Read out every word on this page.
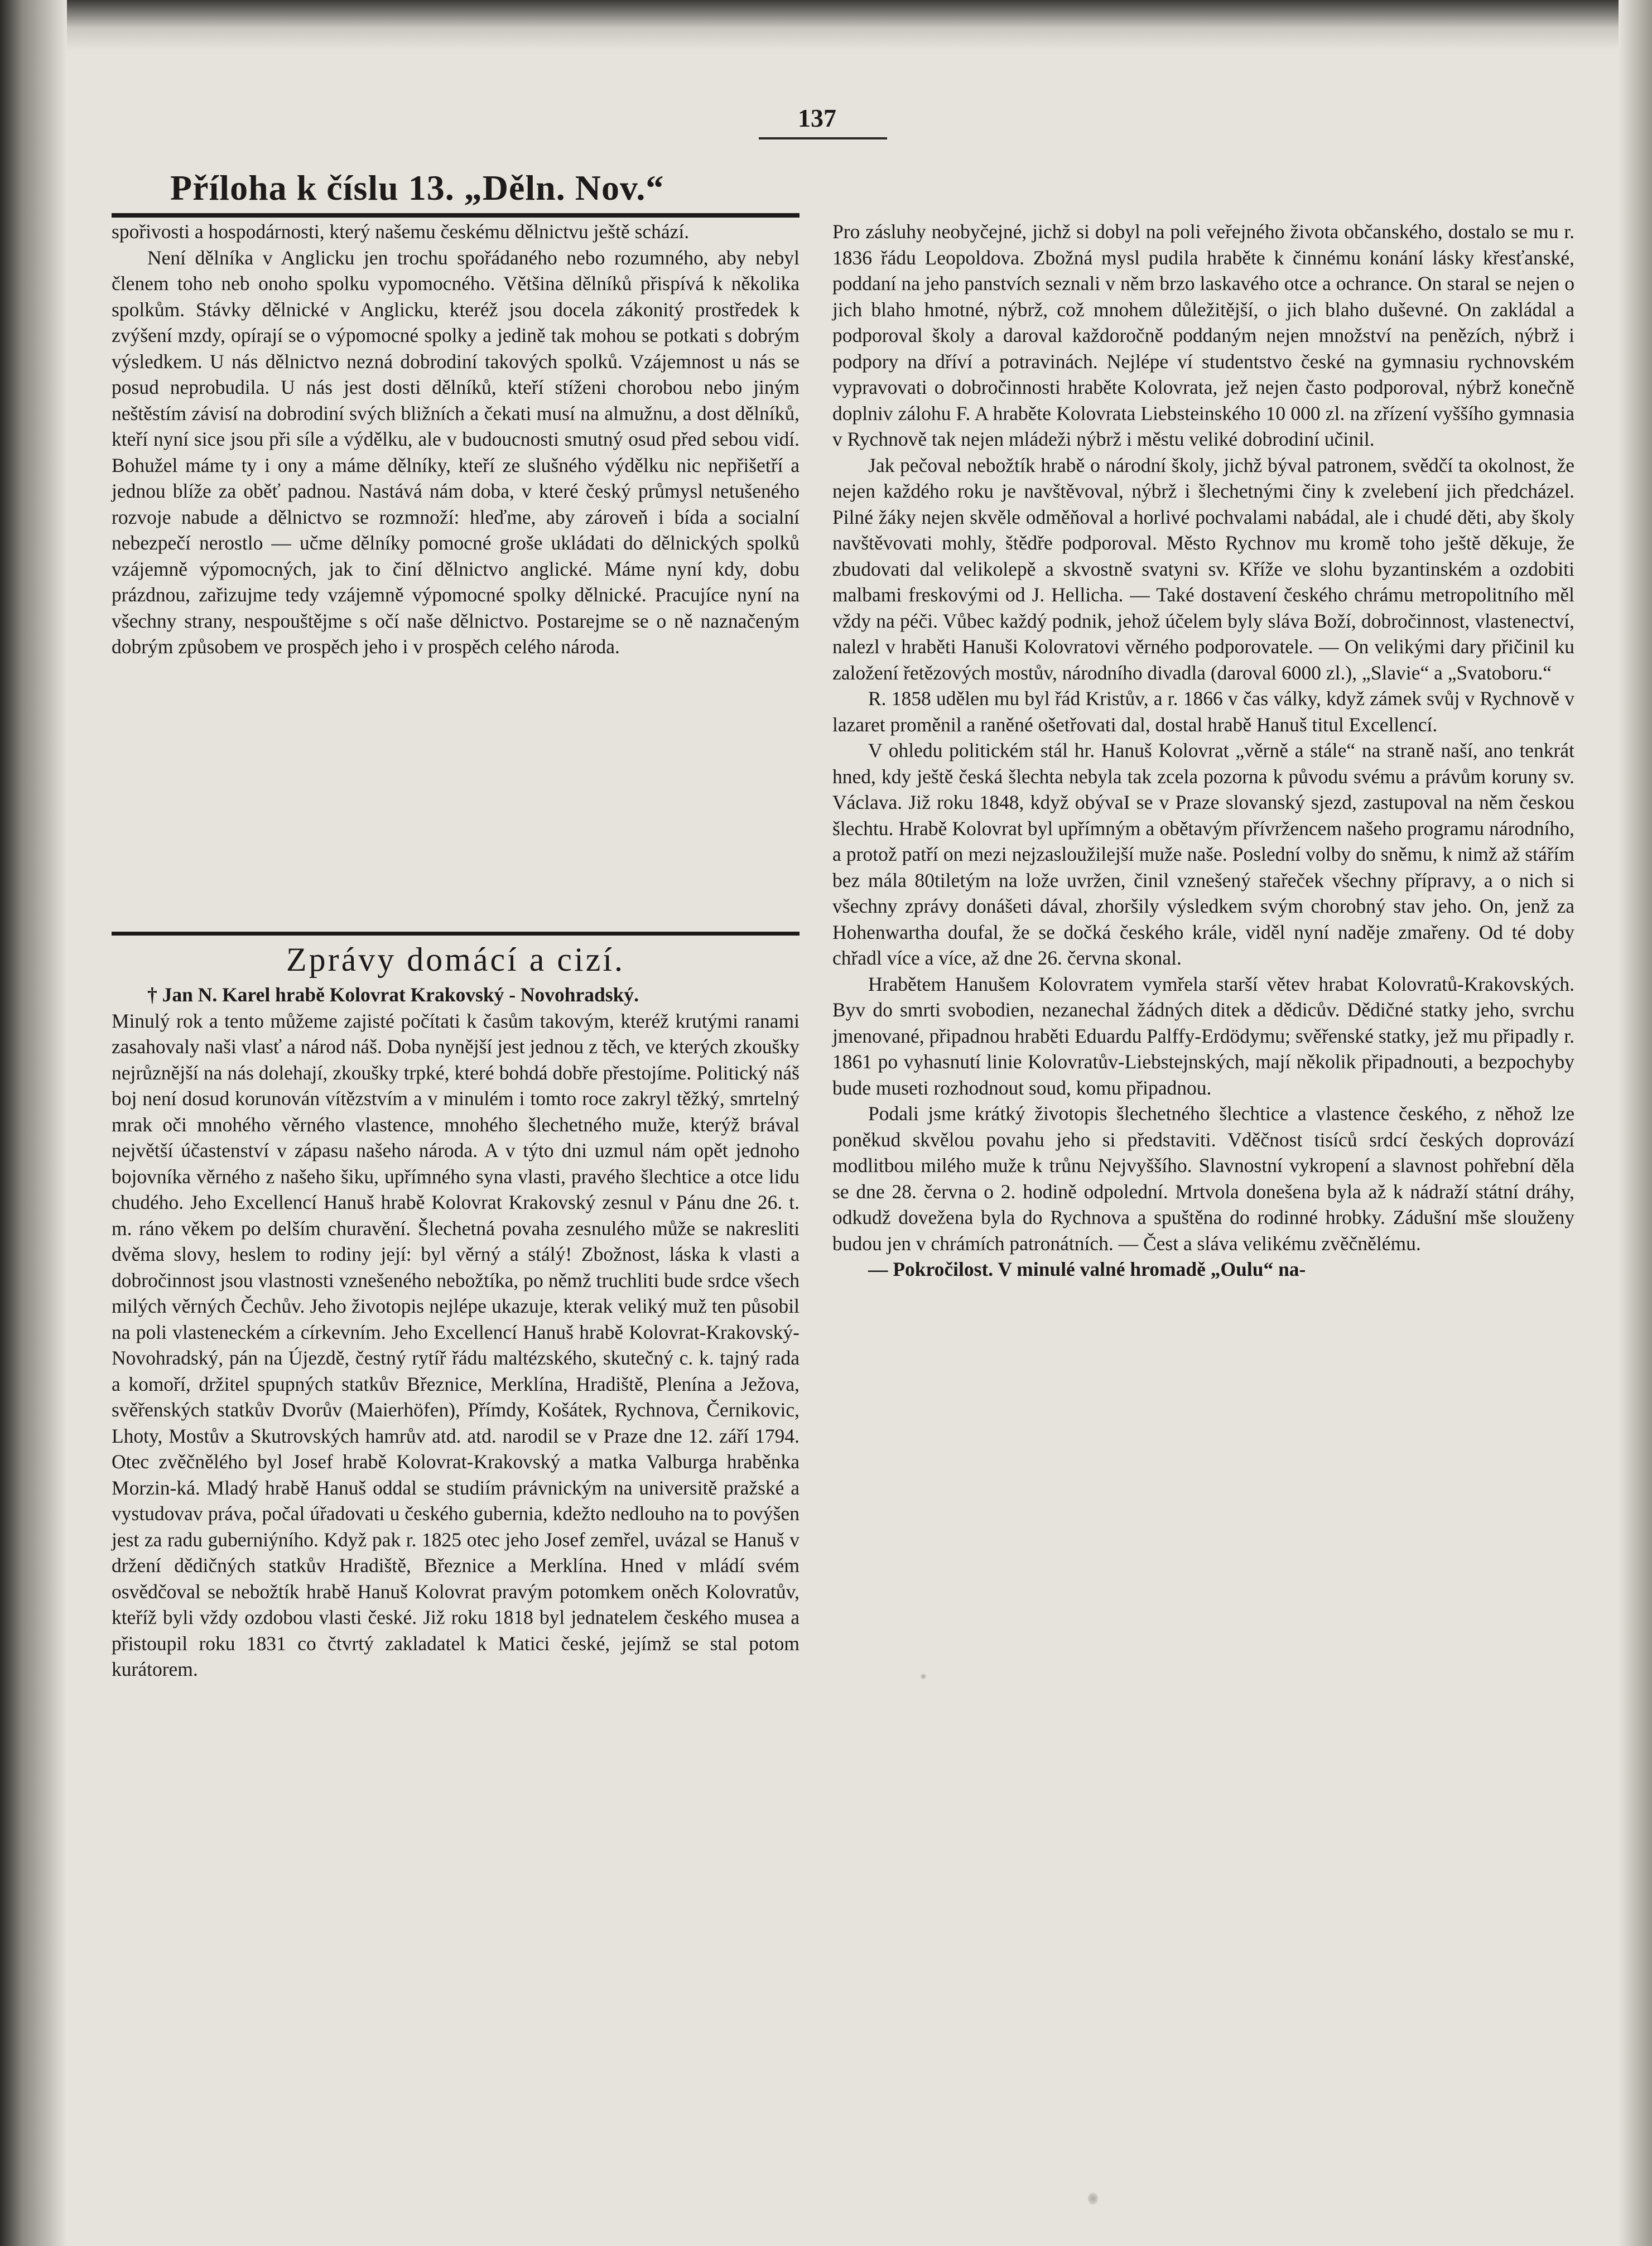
137
Příloha k číslu 13. „Děln. Nov.“

spořivosti a hospodárnosti, který našemu českému dělnictvu ještě schází.

Není dělníka v Anglicku jen trochu spořádaného nebo rozumného, aby nebyl členem toho neb onoho spolku vypomocného. Většina dělníků přispívá k několika spolkům. Stávky dělnické v Anglicku, kteréž jsou docela zákonitý prostředek k zvýšení mzdy, opírají se o výpomocné spolky a jedině tak mohou se potkati s dobrým výsledkem. U nás dělnictvo nezná dobrodiní takových spolků. Vzájemnost u nás se posud neprobudila. U nás jest dosti dělníků, kteří stíženi chorobou nebo jiným neštěstím závisí na dobrodiní svých bližních a čekati musí na almužnu, a dost dělníků, kteří nyní sice jsou při síle a výdělku, ale v budoucnosti smutný osud před sebou vidí. Bohužel máme ty i ony a máme dělníky, kteří ze slušného výdělku nic nepřišetří a jednou blíže za oběť padnou. Nastává nám doba, v které český průmysl netušeného rozvoje nabude a dělnictvo se rozmnoží: hleďme, aby zároveň i bída a socialní nebezpečí nerostlo — učme dělníky pomocné groše ukládati do dělnických spolků vzájemně výpomocných, jak to činí dělnictvo anglické. Máme nyní kdy, dobu prázdnou, zařizujme tedy vzájemně výpomocné spolky dělnické. Pracujíce nyní na všechny strany, nespouštějme s očí naše dělnictvo. Postarejme se o ně naznačeným dobrým způsobem ve prospěch jeho i v prospěch celého národa.

Zprávy domácí a cizí.

† Jan N. Karel hrabě Kolovrat Krakovský - Novohradský.

Minulý rok a tento můžeme zajisté počítati k časům takovým, kteréž krutými ranami zasahovaly naši vlasť a národ náš. Doba nynější jest jednou z těch, ve kterých zkoušky nejrůznější na nás dolehají, zkoušky trpké, které bohdá dobře přestojíme. Politický náš boj není dosud korunován vítězstvím a v minulém i tomto roce zakryl těžký, smrtelný mrak oči mnohého věrného vlastence, mnohého šlechetného muže, kterýž brával největší účastenství v zápasu našeho národa. A v týto dni uzmul nám opět jednoho bojovníka věrného z našeho šiku, upřímného syna vlasti, pravého šlechtice a otce lidu chudého. Jeho Excellencí Hanuš hrabě Kolovrat Krakovský zesnul v Pánu dne 26. t. m. ráno věkem po delším churavění. Šlechetná povaha zesnulého může se nakresliti dvěma slovy, heslem to rodiny její: byl věrný a stálý! Zbožnost, láska k vlasti a dobročinnost jsou vlastnosti vznešeného nebožtíka, po němž truchliti bude srdce všech milých věrných Čechův. Jeho životopis nejlépe ukazuje, kterak veliký muž ten působil na poli vlasteneckém a církevním. Jeho Excellencí Hanuš hrabě Kolovrat-Krakovský-Novohradský, pán na Újezdě, čestný rytíř řádu maltézského, skutečný c. k. tajný rada a komoří, držitel spupných statkův Březnice, Merklína, Hradiště, Plenína a Ježova, svěřenských statkův Dvorův (Maierhöfen), Přímdy, Košátek, Rychnova, Černikovic, Lhoty, Mostův a Skutrovských hamrův atd. atd. narodil se v Praze dne 12. září 1794. Otec zvěčnělého byl Josef hrabě Kolovrat-Krakovský a matka Valburga hraběnka Morzin-ká. Mladý hrabě Hanuš oddal se studiím právnickým na universitě pražské a vystudovav práva, počal úřadovati u českého gubernia, kdežto nedlouho na to povýšen jest za radu guberniýního. Když pak r. 1825 otec jeho Josef zemřel, uvázal se Hanuš v držení dědičných statkův Hradiště, Březnice a Merklína. Hned v mládí svém osvědčoval se nebožtík hrabě Hanuš Kolovrat pravým potomkem oněch Kolovratův, kteříž byli vždy ozdobou vlasti české. Již roku 1818 byl jednatelem českého musea a přistoupil roku 1831 co čtvrtý zakladatel k Matici české, jejímž se stal potom kurátorem.

Pro zásluhy neobyčejné, jichž si dobyl na poli veřejného života občanského, dostalo se mu r. 1836 řádu Leopoldova. Zbožná mysl pudila hraběte k činnému konání lásky křesťanské, poddaní na jeho panstvích seznali v něm brzo laskavého otce a ochrance. On staral se nejen o jich blaho hmotné, nýbrž, což mnohem důležitější, o jich blaho duševné. On zakládal a podporoval školy a daroval každoročně poddaným nejen množství na penězích, nýbrž i podpory na dříví a potravinách. Nejlépe ví studentstvo české na gymnasiu rychnovském vypravovati o dobročinnosti hraběte Kolovrata, jež nejen často podporoval, nýbrž konečně doplniv zálohu F. A hraběte Kolovrata Liebsteinského 10 000 zl. na zřízení vyššího gymnasia v Rychnově tak nejen mládeži nýbrž i městu veliké dobrodiní učinil.

Jak pečoval nebožtík hrabě o národní školy, jichž býval patronem, svědčí ta okolnost, že nejen každého roku je navštěvoval, nýbrž i šlechetnými činy k zvelebení jich předcházel. Pilné žáky nejen skvěle odměňoval a horlivé pochvalami nabádal, ale i chudé děti, aby školy navštěvovati mohly, štědře podporoval. Město Rychnov mu kromě toho ještě děkuje, že zbudovati dal velikolepě a skvostně svatyni sv. Kříže ve slohu byzantinském a ozdobiti malbami freskovými od J. Hellicha. — Také dostavení českého chrámu metropolitního měl vždy na péči. Vůbec každý podnik, jehož účelem byly sláva Boží, dobročinnost, vlastenectví, nalezl v hraběti Hanuši Kolovratovi věrného podporovatele. — On velikými dary přičinil ku založení řetězových mostův, národního divadla (daroval 6000 zl.), „Slavie“ a „Svatoboru.“

R. 1858 udělen mu byl řád Kristův, a r. 1866 v čas války, když zámek svůj v Rychnově v lazaret proměnil a raněné ošetřovati dal, dostal hrabě Hanuš titul Excellencí.

V ohledu politickém stál hr. Hanuš Kolovrat „věrně a stále“ na straně naší, ano tenkrát hned, kdy ještě česká šlechta nebyla tak zcela pozorna k původu svému a právům koruny sv. Václava. Již roku 1848, když obývaI se v Praze slovanský sjezd, zastupoval na něm českou šlechtu. Hrabě Kolovrat byl upřímným a obětavým přívržencem našeho programu národního, a protož patří on mezi nejzasloužilejší muže naše. Poslední volby do sněmu, k nimž až stářím bez mála 80tiletým na lože uvržen, činil vznešený stařeček všechny přípravy, a o nich si všechny zprávy donášeti dával, zhoršily výsledkem svým chorobný stav jeho. On, jenž za Hohenwartha doufal, že se dočká českého krále, viděl nyní naděje zmařeny. Od té doby chřadl více a více, až dne 26. června skonal.

Hrabětem Hanušem Kolovratem vymřela starší větev hrabat Kolovratů-Krakovských. Byv do smrti svobodien, nezanechal žádných ditek a dědicův. Dědičné statky jeho, svrchu jmenované, připadnou hraběti Eduardu Palffy-Erdödymu; svěřenské statky, jež mu připadly r. 1861 po vyhasnutí linie Kolovratův-Liebstejnských, mají několik připadnouti, a bezpochyby bude museti rozhodnout soud, komu připadnou.

Podali jsme krátký životopis šlechetného šlechtice a vlastence českého, z něhož lze poněkud skvělou povahu jeho si představiti. Vděčnost tisíců srdcí českých doprovází modlitbou milého muže k trůnu Nejvyššího. Slavnostní vykropení a slavnost pohřební děla se dne 28. června o 2. hodině odpolední. Mrtvola donešena byla až k nádraží státní dráhy, odkudž dovežena byla do Rychnova a spuštěna do rodinné hrobky. Zádušní mše slouženy budou jen v chrámích patronátních. — Čest a sláva velikému zvěčnělému.

— Pokročilost. V minulé valné hromadě „Oulu“ na-
